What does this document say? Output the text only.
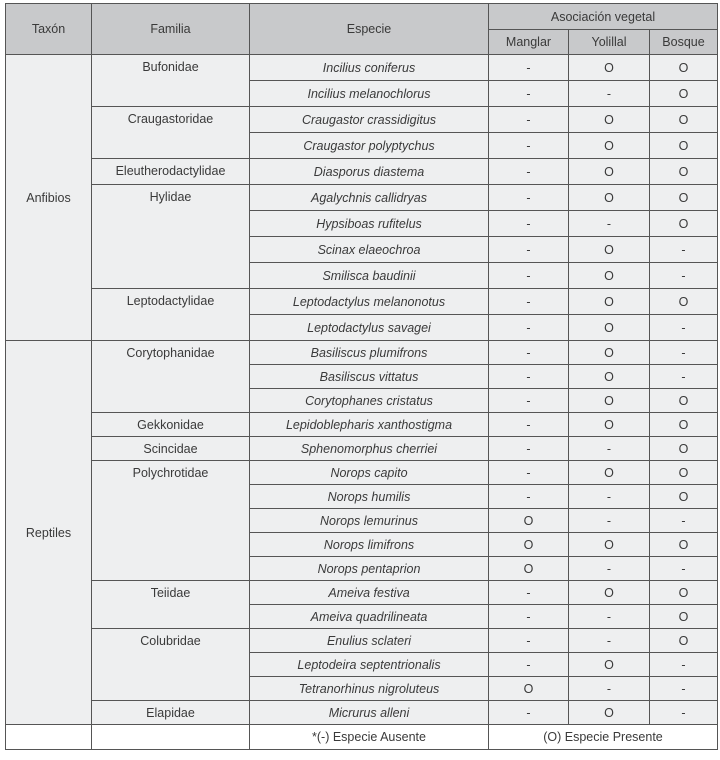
Taxón	Familia	Especie	Asociación vegetal		
			Manglar	Yolillal	Bosque
Anfibios	Bufonidae	Incilius coniferus	-	O	O
		Incilius melanochlorus	-	-	O
	Craugastoridae	Craugastor crassidigitus	-	O	O
		Craugastor polyptychus	-	O	O
	Eleutherodactylidae	Diasporus diastema	-	O	O
	Hylidae	Agalychnis callidryas	-	O	O
		Hypsiboas rufitelus	-	-	O
		Scinax elaeochroa	-	O	-
		Smilisca baudinii	-	O	-
	Leptodactylidae	Leptodactylus melanonotus	-	O	O
		Leptodactylus savagei	-	O	-
Reptiles	Corytophanidae	Basiliscus plumifrons	-	O	-
		Basiliscus vittatus	-	O	-
		Corytophanes cristatus	-	O	O
	Gekkonidae	Lepidoblepharis xanthostigma	-	O	O
	Scincidae	Sphenomorphus cherriei	-	-	O
	Polychrotidae	Norops capito	-	O	O
		Norops humilis	-	-	O
		Norops lemurinus	O	-	-
		Norops limifrons	O	O	O
		Norops pentaprion	O	-	-
	Teiidae	Ameiva festiva	-	O	O
		Ameiva quadrilineata	-	-	O
	Colubridae	Enulius sclateri	-	-	O
		Leptodeira septentrionalis	-	O	-
		Tetranorhinus nigroluteus	O	-	-
	Elapidae	Micrurus alleni	-	O	-
		*(-) Especie Ausente	(O) Especie Presente		
